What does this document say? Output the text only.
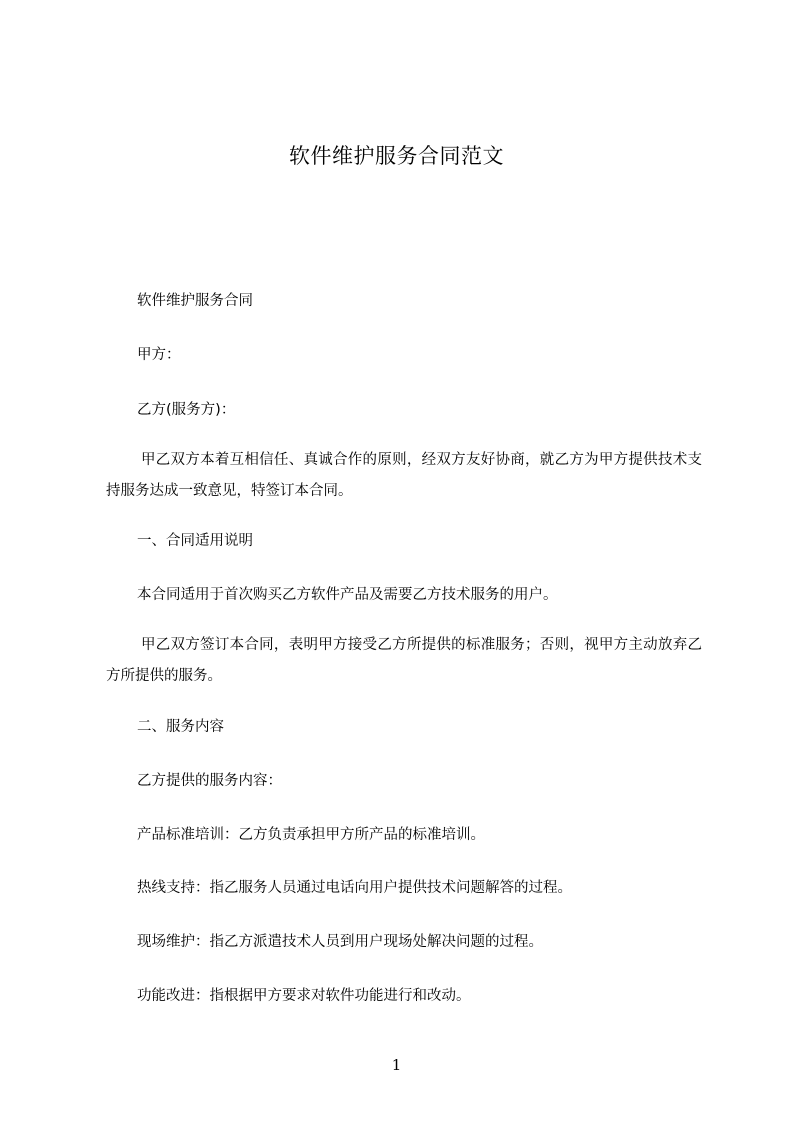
软件维护服务合同范文

软件维护服务合同

甲方：

乙方(服务方)：

甲乙双方本着互相信任、真诚合作的原则，经双方友好协商，就乙方为甲方提供技术支持服务达成一致意见，特签订本合同。

一、合同适用说明

本合同适用于首次购买乙方软件产品及需要乙方技术服务的用户。

甲乙双方签订本合同，表明甲方接受乙方所提供的标准服务；否则，视甲方主动放弃乙方所提供的服务。

二、服务内容

乙方提供的服务内容：

产品标准培训：乙方负责承担甲方所产品的标准培训。

热线支持：指乙服务人员通过电话向用户提供技术问题解答的过程。

现场维护：指乙方派遣技术人员到用户现场处解决问题的过程。

功能改进：指根据甲方要求对软件功能进行和改动。

1
